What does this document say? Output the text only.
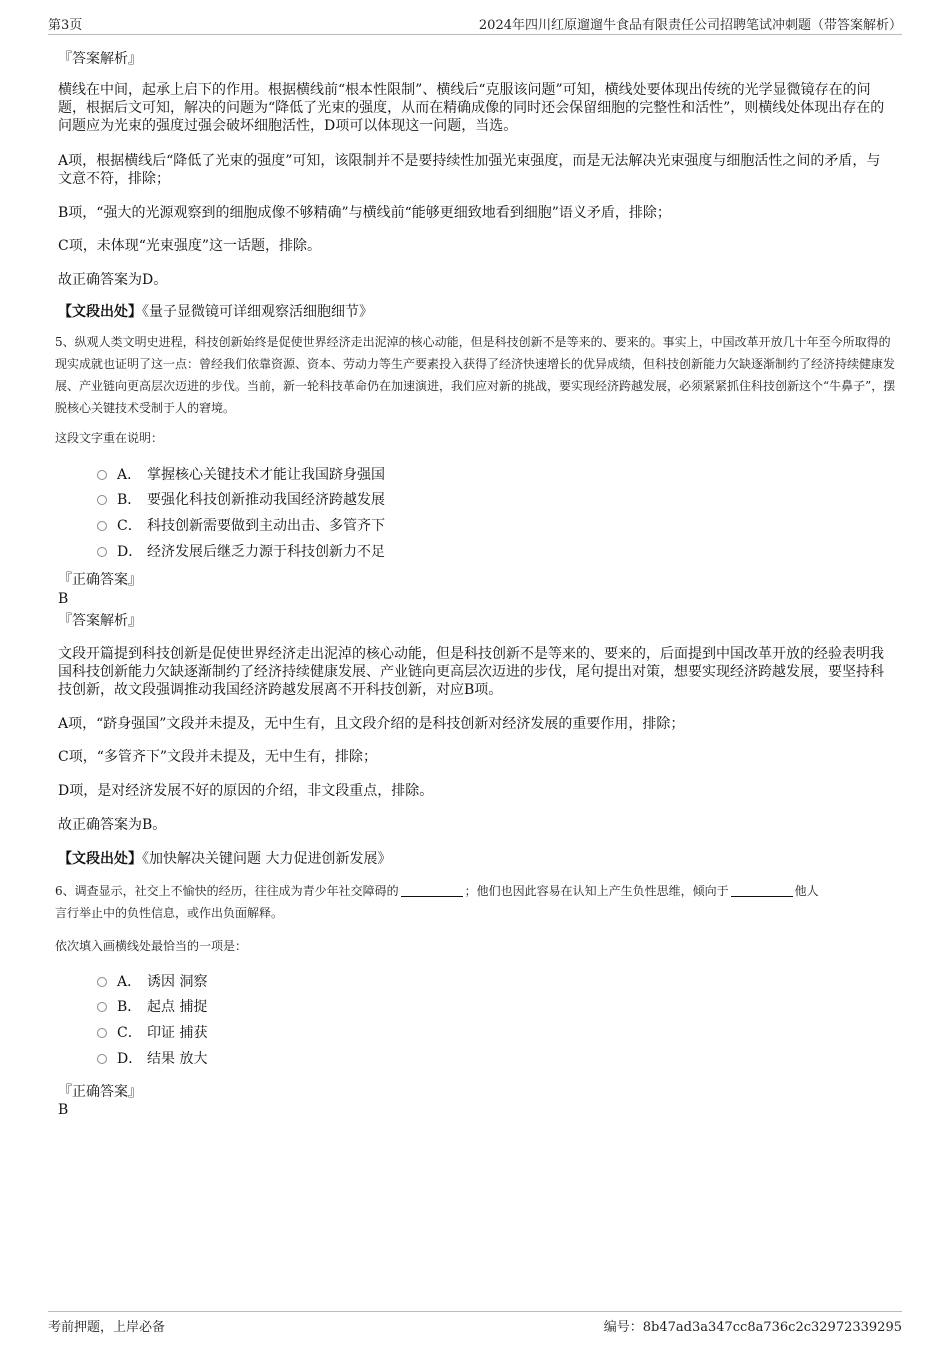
第3页	2024年四川红原遛遛牛食品有限责任公司招聘笔试冲刺题（带答案解析）
『答案解析』
横线在中间，起承上启下的作用。根据横线前“根本性限制”、横线后“克服该问题”可知，横线处要体现出传统的光学显微镜存在的问题，根据后文可知，解决的问题为“降低了光束的强度，从而在精确成像的同时还会保留细胞的完整性和活性”，则横线处体现出存在的问题应为光束的强度过强会破坏细胞活性，D项可以体现这一问题，当选。
A项，根据横线后“降低了光束的强度”可知，该限制并不是要持续性加强光束强度，而是无法解决光束强度与细胞活性之间的矛盾，与文意不符，排除；
B项，“强大的光源观察到的细胞成像不够精确”与横线前“能够更细致地看到细胞”语义矛盾，排除；
C项，未体现“光束强度”这一话题，排除。
故正确答案为D。
【文段出处】《量子显微镜可详细观察活细胞细节》
5、纵观人类文明史进程，科技创新始终是促使世界经济走出泥淖的核心动能，但是科技创新不是等来的、要来的。事实上，中国改革开放几十年至今所取得的现实成就也证明了这一点：曾经我们依靠资源、资本、劳动力等生产要素投入获得了经济快速增长的优异成绩，但科技创新能力欠缺逐渐制约了经济持续健康发展、产业链向更高层次迈进的步伐。当前，新一轮科技革命仍在加速演进，我们应对新的挑战，要实现经济跨越发展，必须紧紧抓住科技创新这个“牛鼻子”，摆脱核心关键技术受制于人的窘境。
这段文字重在说明：
A． 掌握核心关键技术才能让我国跻身强国
B． 要强化科技创新推动我国经济跨越发展
C． 科技创新需要做到主动出击、多管齐下
D． 经济发展后继乏力源于科技创新力不足
『正确答案』
B
『答案解析』
文段开篇提到科技创新是促使世界经济走出泥淖的核心动能，但是科技创新不是等来的、要来的，后面提到中国改革开放的经验表明我国科技创新能力欠缺逐渐制约了经济持续健康发展、产业链向更高层次迈进的步伐，尾句提出对策，想要实现经济跨越发展，要坚持科技创新，故文段强调推动我国经济跨越发展离不开科技创新，对应B项。
A项，“跻身强国”文段并未提及，无中生有，且文段介绍的是科技创新对经济发展的重要作用，排除；
C项，“多管齐下”文段并未提及，无中生有，排除；
D项，是对经济发展不好的原因的介绍，非文段重点，排除。
故正确答案为B。
【文段出处】《加快解决关键问题 大力促进创新发展》
6、调查显示，社交上不愉快的经历，往往成为青少年社交障碍的	；他们也因此容易在认知上产生负性思维，倾向于	他人
言行举止中的负性信息，或作出负面解释。
依次填入画横线处最恰当的一项是：
A． 诱因 洞察
B． 起点 捕捉
C． 印证 捕获
D． 结果 放大
『正确答案』
B
考前押题，上岸必备	编号：8b47ad3a347cc8a736c2c32972339295
